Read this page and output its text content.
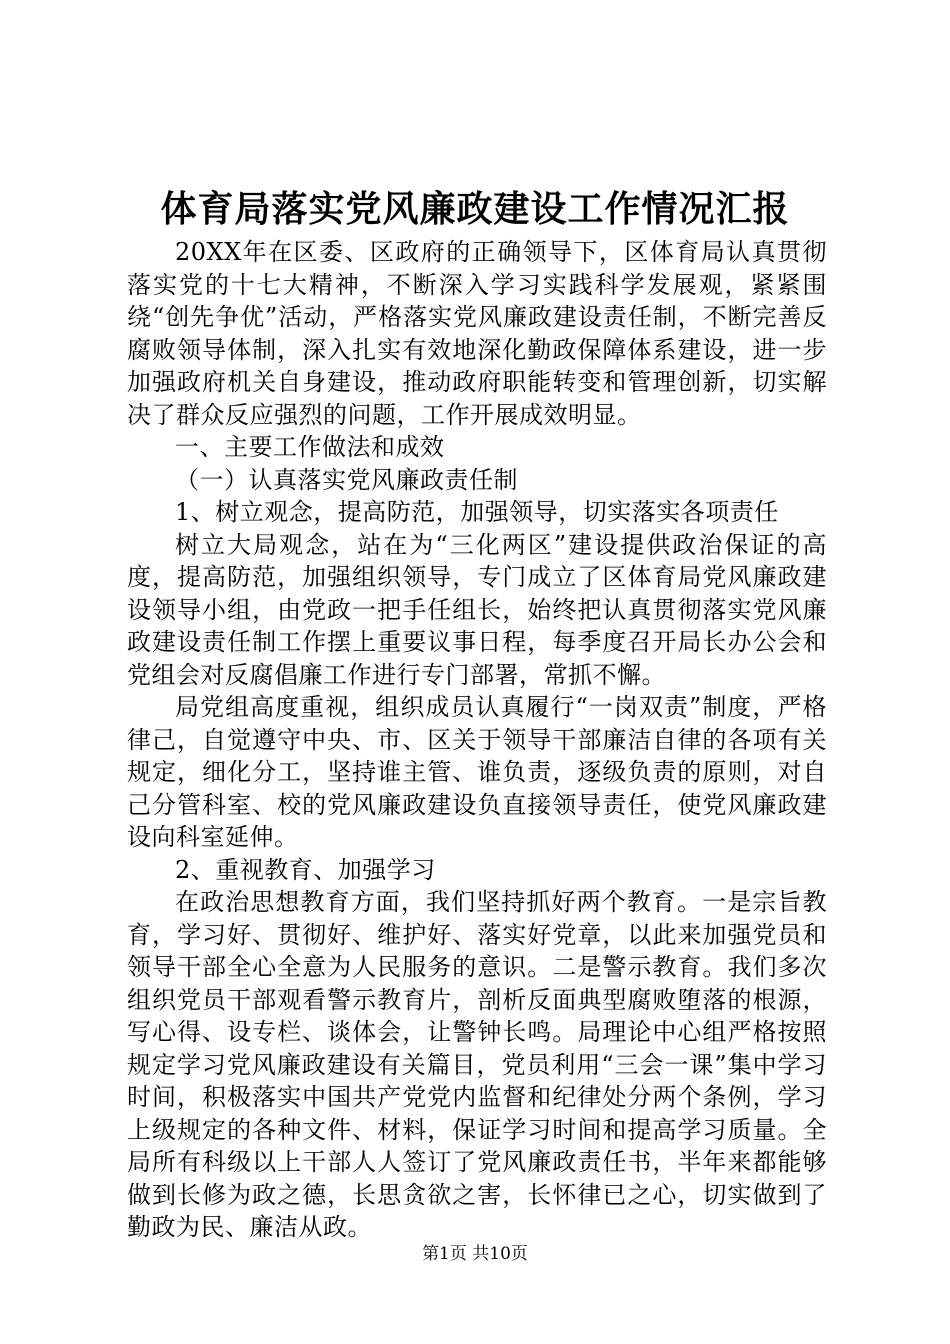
体育局落实党风廉政建设工作情况汇报

20XX年在区委、区政府的正确领导下，区体育局认真贯彻落实党的十七大精神，不断深入学习实践科学发展观，紧紧围绕“创先争优”活动，严格落实党风廉政建设责任制，不断完善反腐败领导体制，深入扎实有效地深化勤政保障体系建设，进一步加强政府机关自身建设，推动政府职能转变和管理创新，切实解决了群众反应强烈的问题，工作开展成效明显。

一、主要工作做法和成效

（一）认真落实党风廉政责任制

1、树立观念，提高防范，加强领导，切实落实各项责任

树立大局观念，站在为“三化两区”建设提供政治保证的高度，提高防范，加强组织领导，专门成立了区体育局党风廉政建设领导小组，由党政一把手任组长，始终把认真贯彻落实党风廉政建设责任制工作摆上重要议事日程，每季度召开局长办公会和党组会对反腐倡廉工作进行专门部署，常抓不懈。

局党组高度重视，组织成员认真履行“一岗双责”制度，严格律己，自觉遵守中央、市、区关于领导干部廉洁自律的各项有关规定，细化分工，坚持谁主管、谁负责，逐级负责的原则，对自己分管科室、校的党风廉政建设负直接领导责任，使党风廉政建设向科室延伸。

2、重视教育、加强学习

在政治思想教育方面，我们坚持抓好两个教育。一是宗旨教育，学习好、贯彻好、维护好、落实好党章，以此来加强党员和领导干部全心全意为人民服务的意识。二是警示教育。我们多次组织党员干部观看警示教育片，剖析反面典型腐败堕落的根源，写心得、设专栏、谈体会，让警钟长鸣。局理论中心组严格按照规定学习党风廉政建设有关篇目，党员利用“三会一课”集中学习时间，积极落实中国共产党党内监督和纪律处分两个条例，学习上级规定的各种文件、材料，保证学习时间和提高学习质量。全局所有科级以上干部人人签订了党风廉政责任书，半年来都能够做到长修为政之德，长思贪欲之害，长怀律已之心，切实做到了勤政为民、廉洁从政。

第1页 共10页
